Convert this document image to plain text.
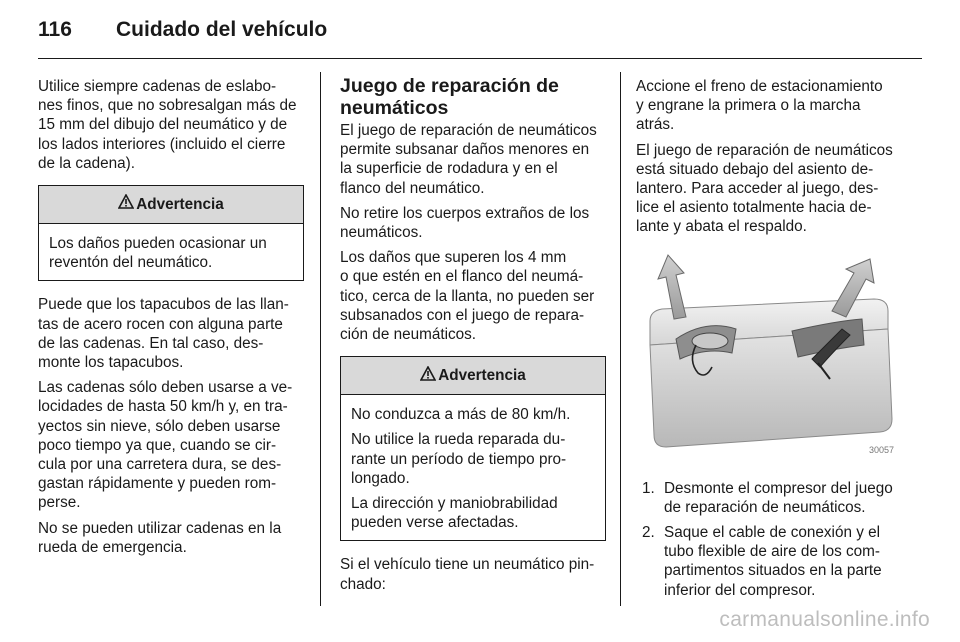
116	Cuidado del vehículo
Utilice siempre cadenas de eslabo-
nes finos, que no sobresalgan más de
15 mm del dibujo del neumático y de
los lados interiores (incluido el cierre
de la cadena).
Advertencia
Los daños pueden ocasionar un
reventón del neumático.
Puede que los tapacubos de las llan-
tas de acero rocen con alguna parte
de las cadenas. En tal caso, des-
monte los tapacubos.
Las cadenas sólo deben usarse a ve-
locidades de hasta 50 km/h y, en tra-
yectos sin nieve, sólo deben usarse
poco tiempo ya que, cuando se cir-
cula por una carretera dura, se des-
gastan rápidamente y pueden rom-
perse.
No se pueden utilizar cadenas en la
rueda de emergencia.
Juego de reparación de
neumáticos
El juego de reparación de neumáticos
permite subsanar daños menores en
la superficie de rodadura y en el
flanco del neumático.
No retire los cuerpos extraños de los
neumáticos.
Los daños que superen los 4 mm
o que estén en el flanco del neumá-
tico, cerca de la llanta, no pueden ser
subsanados con el juego de repara-
ción de neumáticos.
Advertencia
No conduzca a más de 80 km/h.
No utilice la rueda reparada du-
rante un período de tiempo pro-
longado.
La dirección y maniobrabilidad
pueden verse afectadas.
Si el vehículo tiene un neumático pin-
chado:
Accione el freno de estacionamiento
y engrane la primera o la marcha
atrás.
El juego de reparación de neumáticos
está situado debajo del asiento de-
lantero. Para acceder al juego, des-
lice el asiento totalmente hacia de-
lante y abata el respaldo.
30057
1. Desmonte el compresor del juego
de reparación de neumáticos.
2. Saque el cable de conexión y el
tubo flexible de aire de los com-
partimentos situados en la parte
inferior del compresor.
carmanualsonline.info
